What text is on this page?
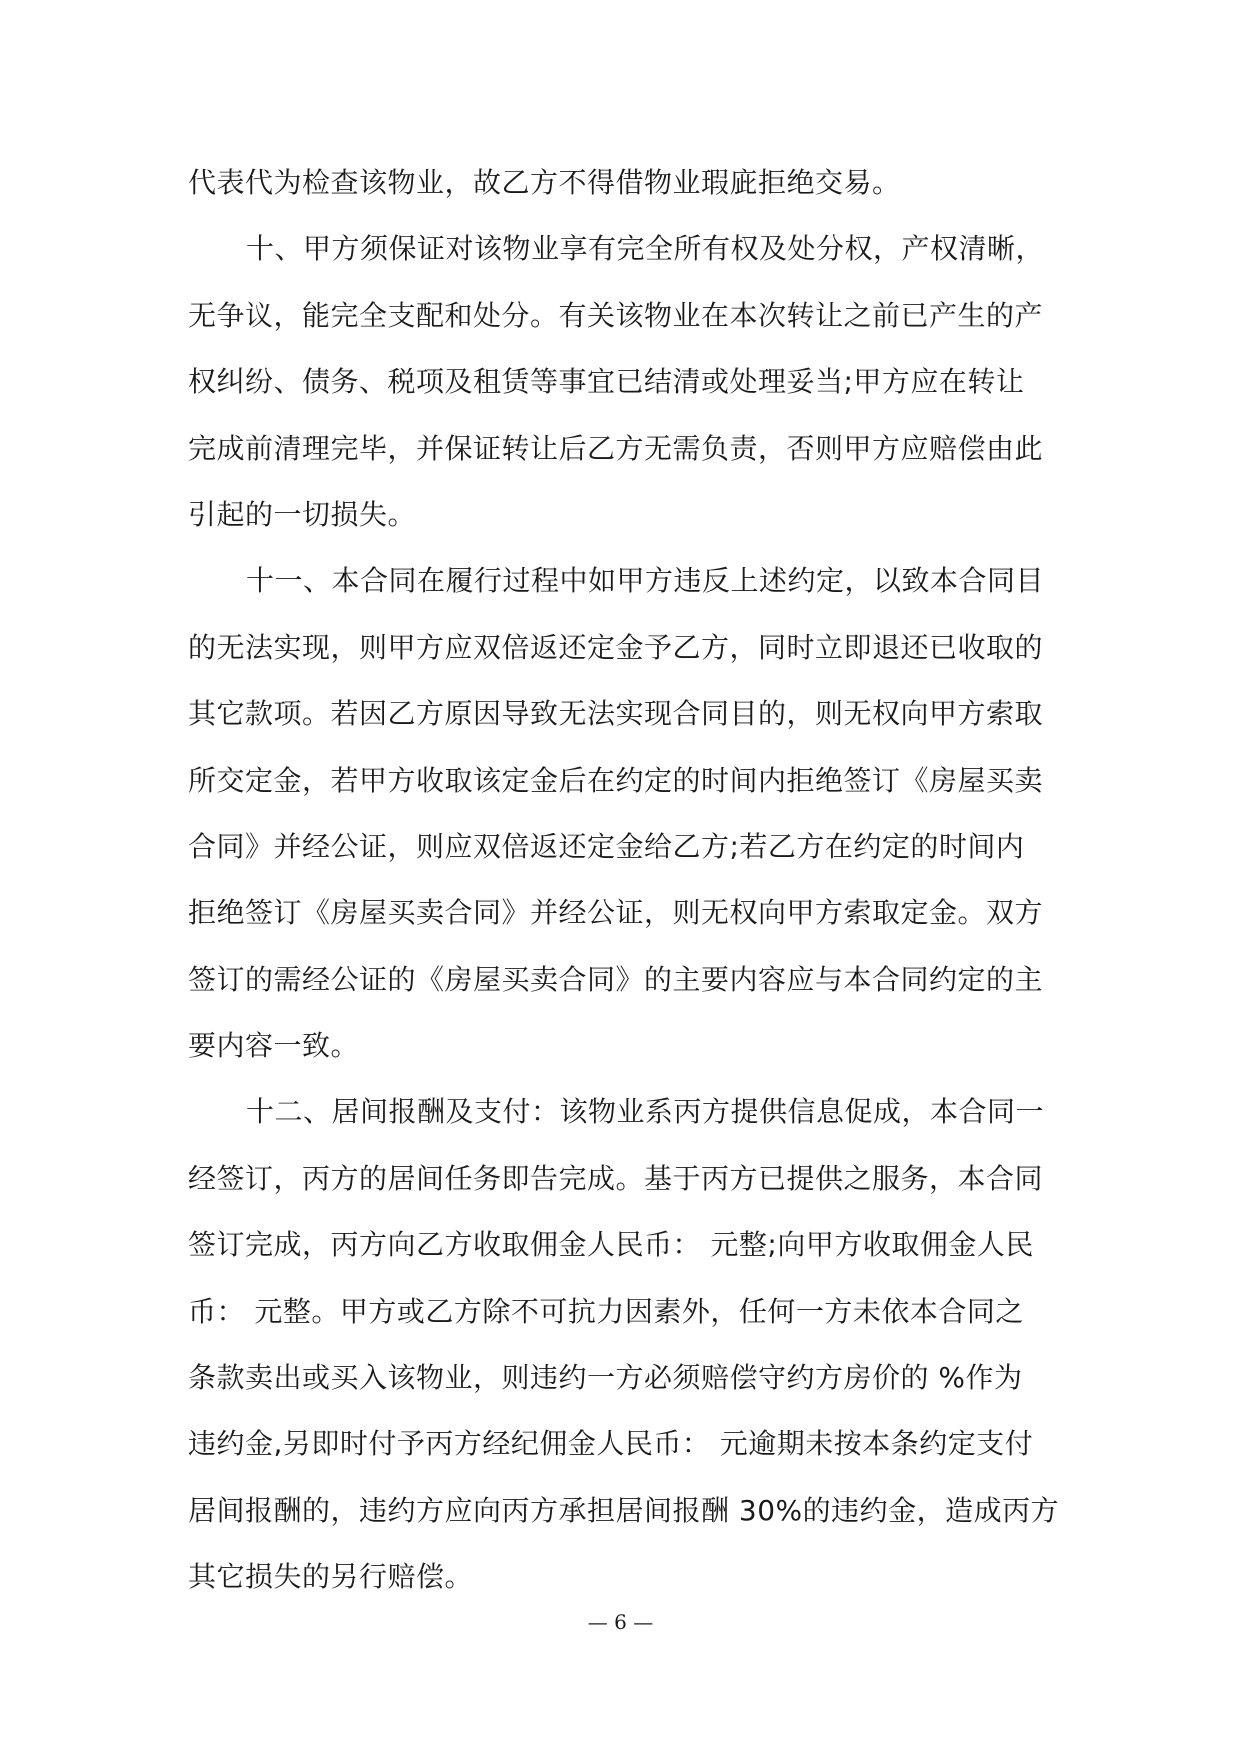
代表代为检查该物业，故乙方不得借物业瑕庛拒绝交易。
十、甲方须保证对该物业享有完全所有权及处分权，产权清晰，
无争议，能完全支配和处分。有关该物业在本次转让之前已产生的产
权纠纷、债务、税项及租赁等事宜已结清或处理妥当;甲方应在转让
完成前清理完毕，并保证转让后乙方无需负责，否则甲方应赔偿由此
引起的一切损失。
十一、本合同在履行过程中如甲方违反上述约定，以致本合同目
的无法实现，则甲方应双倍返还定金予乙方，同时立即退还已收取的
其它款项。若因乙方原因导致无法实现合同目的，则无权向甲方索取
所交定金，若甲方收取该定金后在约定的时间内拒绝签订《房屋买卖
合同》并经公证，则应双倍返还定金给乙方;若乙方在约定的时间内
拒绝签订《房屋买卖合同》并经公证，则无权向甲方索取定金。双方
签订的需经公证的《房屋买卖合同》的主要内容应与本合同约定的主
要内容一致。
十二、居间报酬及支付：该物业系丙方提供信息促成，本合同一
经签订，丙方的居间任务即告完成。基于丙方已提供之服务，本合同
签订完成，丙方向乙方收取佣金人民币： 元整;向甲方收取佣金人民
币： 元整。甲方或乙方除不可抗力因素外，任何一方未依本合同之
条款卖出或买入该物业，则违约一方必须赔偿守约方房价的 %作为
违约金,另即时付予丙方经纪佣金人民币： 元逾期未按本条约定支付
居间报酬的，违约方应向丙方承担居间报酬 30%的违约金，造成丙方
其它损失的另行赔偿。
— 6 —
